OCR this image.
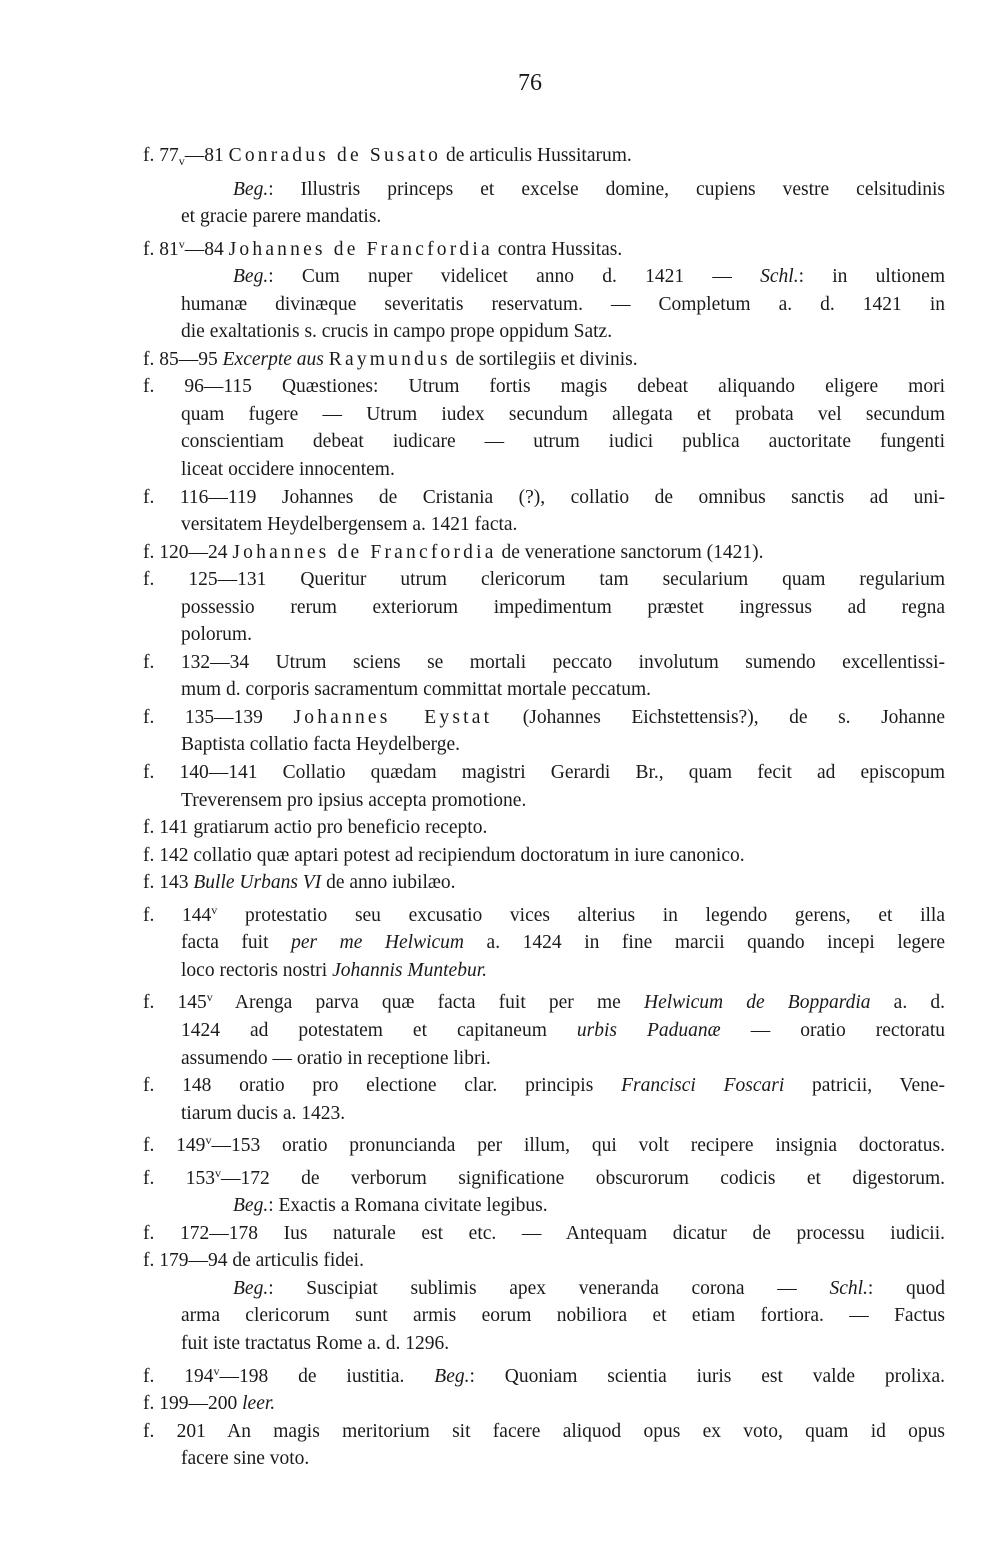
76
f. $77_v—81$ Conradus de Susato de articulis Hussitarum.
Beg.: Illustris princeps et excelse domine, cupiens vestre celsitudinis
et gracie parere mandatis.
f. 81$^v$—84 Johannes de Francfordia contra Hussitas.
Beg.: Cum nuper videlicet anno d. 1421 — Schl.: in ultionem
humanæ divinæque severitatis reservatum. — Completum a. d. 1421 in
die exaltationis s. crucis in campo prope oppidum Satz.
f. 85—95 Excerpte aus Raymundus de sortilegiis et divinis.
f. 96—115 Quæstiones: Utrum fortis magis debeat aliquando eligere mori
quam fugere — Utrum iudex secundum allegata et probata vel secundum
conscientiam debeat iudicare — utrum iudici publica auctoritate fungenti
liceat occidere innocentem.
f. 116—119 Johannes de Cristania (?), collatio de omnibus sanctis ad uni-
versitatem Heydelbergensem a. 1421 facta.
f. 120—24 Johannes de Francfordia de veneratione sanctorum (1421).
f. 125—131 Queritur utrum clericorum tam secularium quam regularium
possessio rerum exteriorum impedimentum præstet ingressus ad regna
polorum.
f. 132—34 Utrum sciens se mortali peccato involutum sumendo excellentissi-
mum d. corporis sacramentum committat mortale peccatum.
f. 135—139 Johannes Eystat (Johannes Eichstettensis?), de s. Johanne
Baptista collatio facta Heydelberge.
f. 140—141 Collatio quædam magistri Gerardi Br., quam fecit ad episcopum
Treverensem pro ipsius accepta promotione.
f. 141 gratiarum actio pro beneficio recepto.
f. 142 collatio quæ aptari potest ad recipiendum doctoratum in iure canonico.
f. 143 Bulle Urbans VI de anno iubilæo.
f. 144$^v$ protestatio seu excusatio vices alterius in legendo gerens, et illa
facta fuit per me Helwicum a. 1424 in fine marcii quando incepi legere
loco rectoris nostri Johannis Muntebur.
f. 145$^v$ Arenga parva quæ facta fuit per me Helwicum de Boppardia a. d.
1424 ad potestatem et capitaneum urbis Paduanæ — oratio rectoratu
assumendo — oratio in receptione libri.
f. 148 oratio pro electione clar. principis Francisci Foscari patricii, Vene-
tiarum ducis a. 1423.
f. 149$^v$—153 oratio pronuncianda per illum, qui volt recipere insignia doctoratus.
f. 153$^v$—172 de verborum significatione obscurorum codicis et digestorum.
Beg.: Exactis a Romana civitate legibus.
f. 172—178 Ius naturale est etc. — Antequam dicatur de processu iudicii.
f. 179—94 de articulis fidei.
Beg.: Suscipiat sublimis apex veneranda corona — Schl.: quod
arma clericorum sunt armis eorum nobiliora et etiam fortiora. — Factus
fuit iste tractatus Rome a. d. 1296.
f. 194$^v$—198 de iustitia. Beg.: Quoniam scientia iuris est valde prolixa.
f. 199—200 leer.
f. 201 An magis meritorium sit facere aliquod opus ex voto, quam id opus
facere sine voto.
